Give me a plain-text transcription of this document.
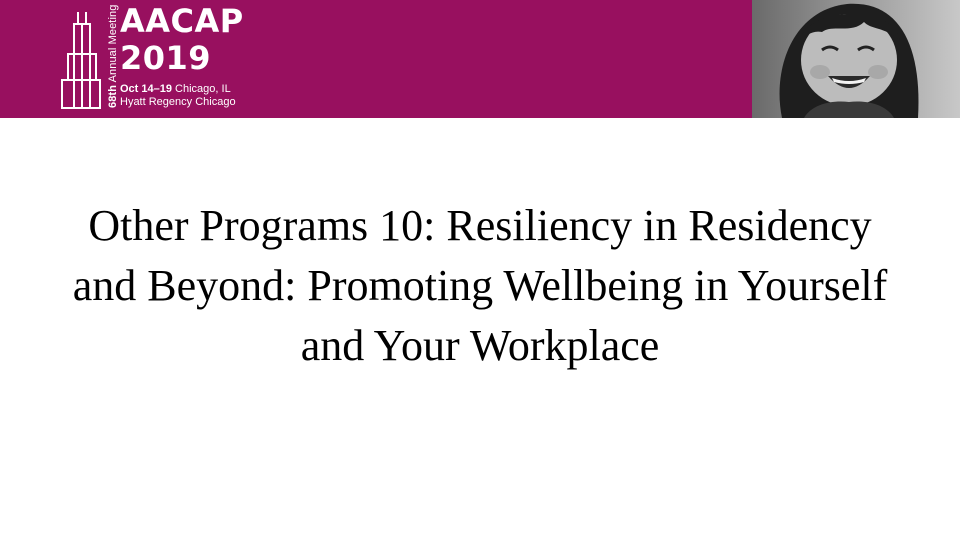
68th Annual Meeting AACAP
2019
Oct 14–19 Chicago, IL
Hyatt Regency Chicago
Other Programs 10: Resiliency in Residency and Beyond: Promoting Wellbeing in Yourself and Your Workplace
